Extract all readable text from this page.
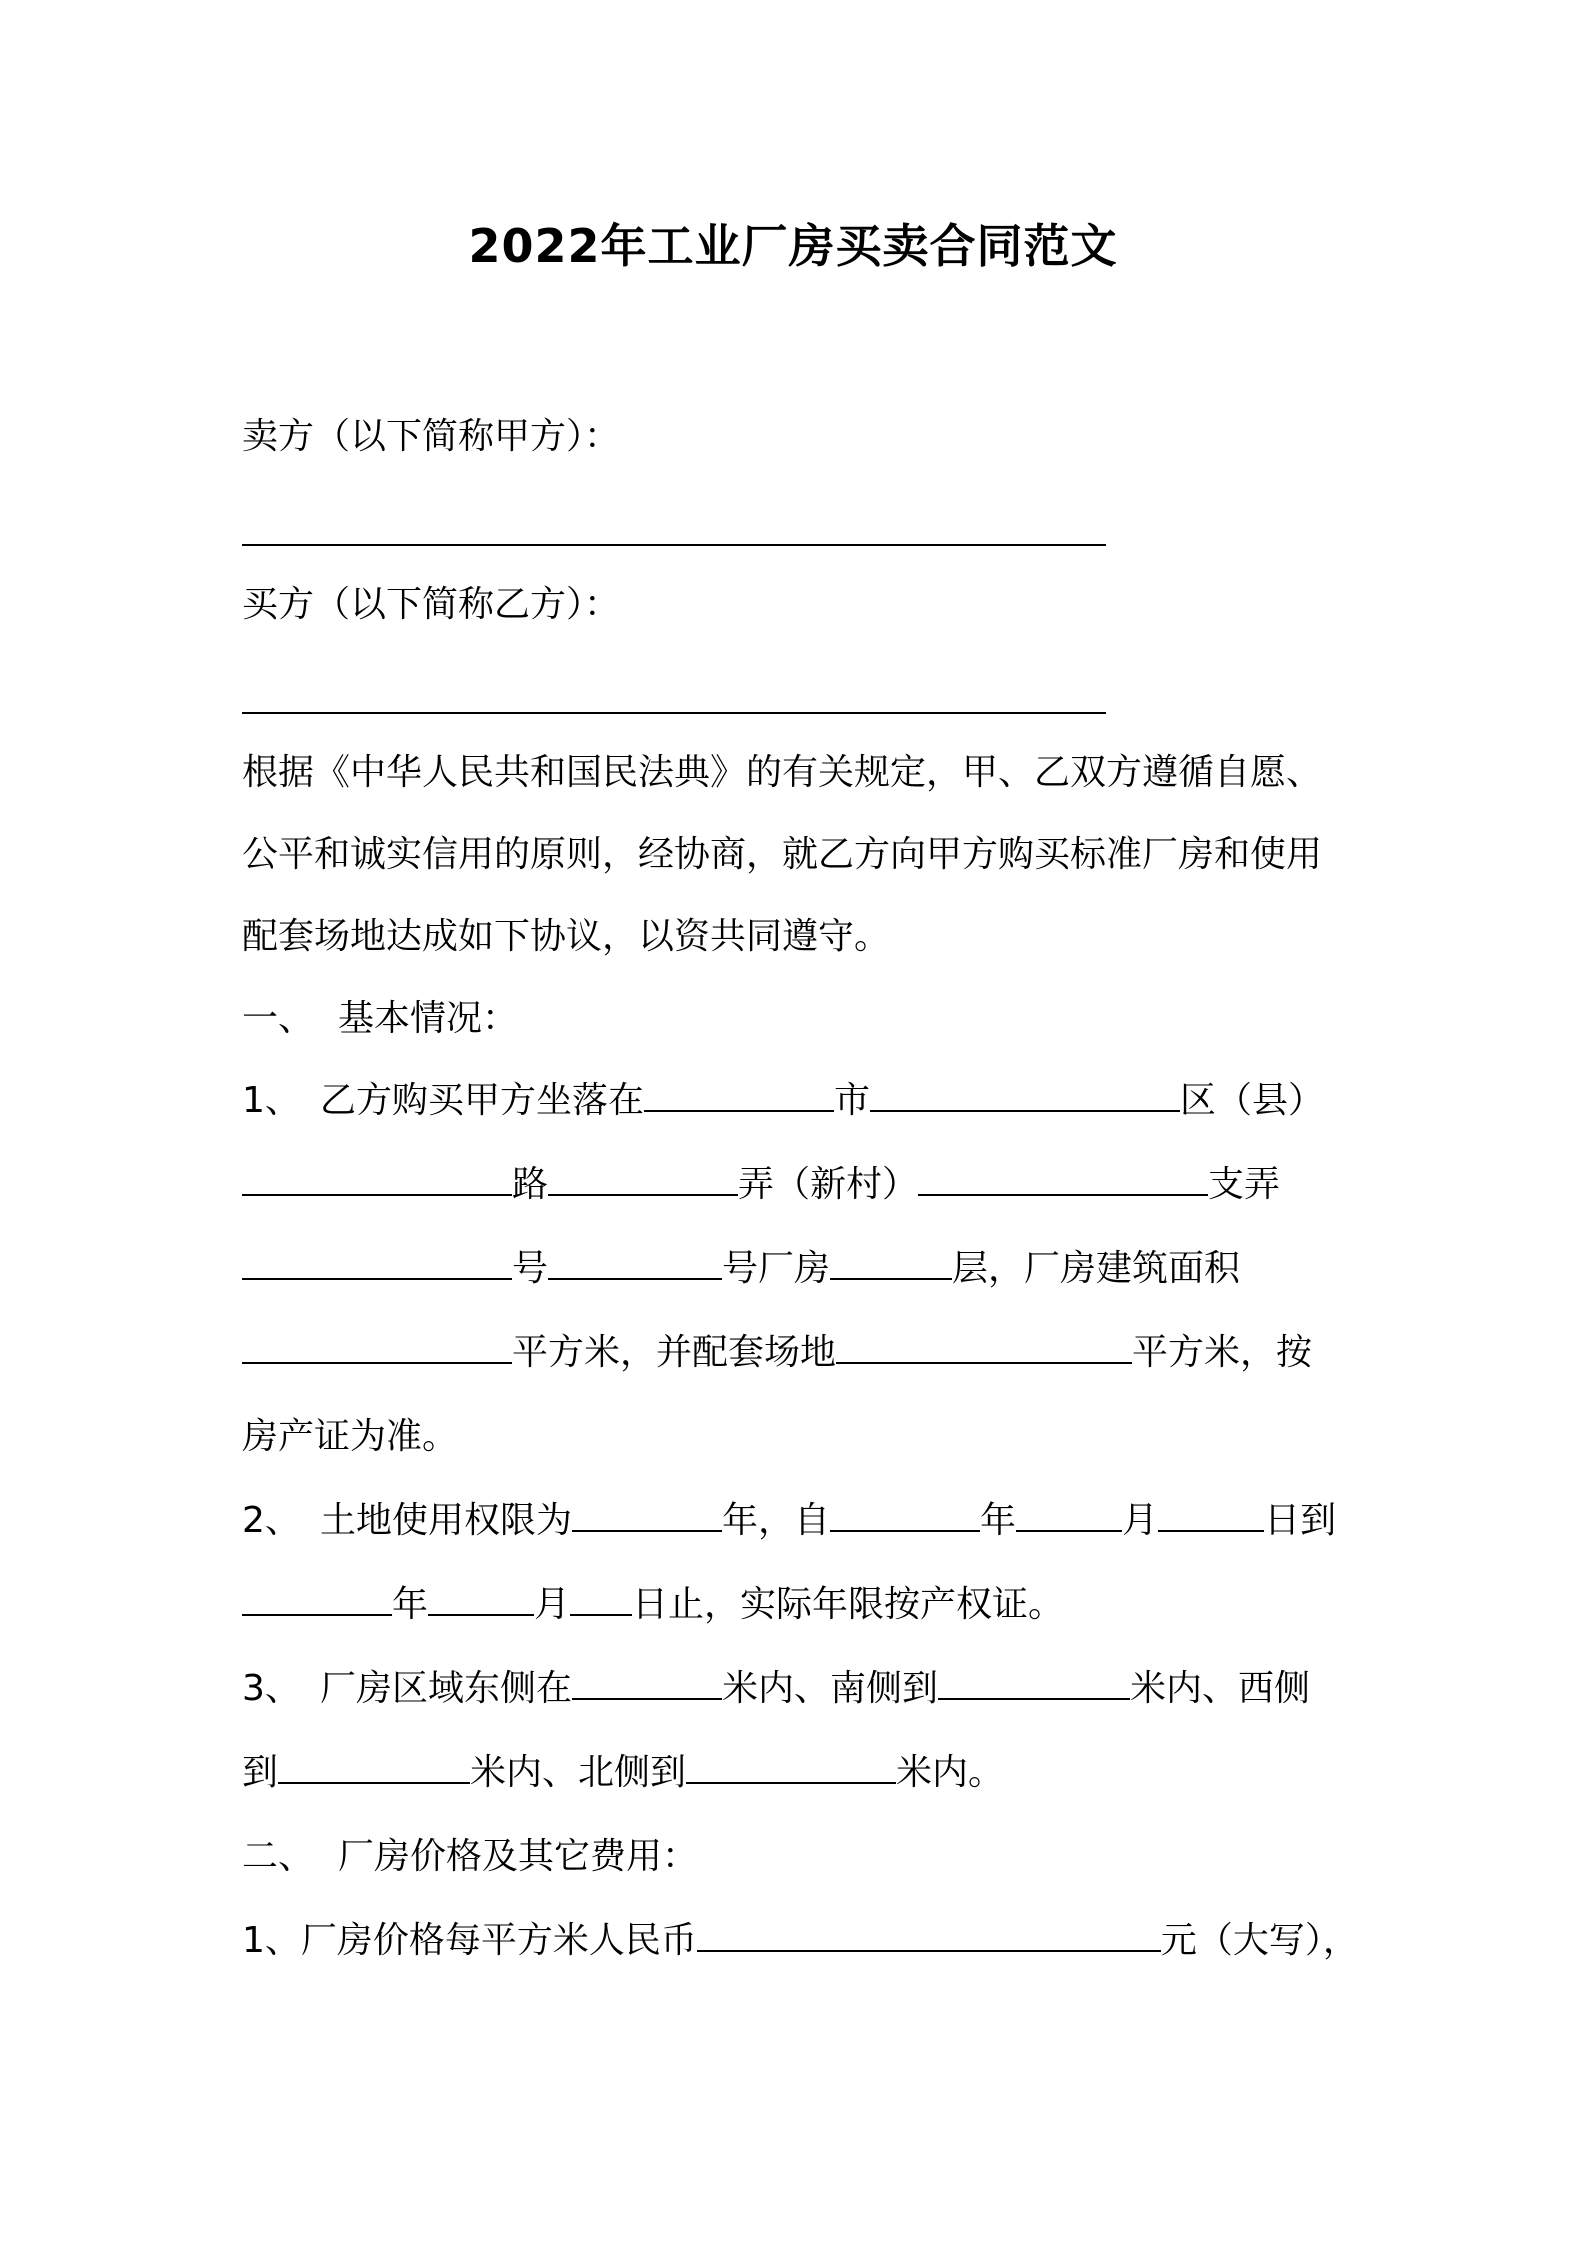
2022年工业厂房买卖合同范文
卖方（以下简称甲方）：
买方（以下简称乙方）：
根据《中华人民共和国民法典》的有关规定，甲、乙双方遵循自愿、
公平和诚实信用的原则，经协商，就乙方向甲方购买标准厂房和使用
配套场地达成如下协议，以资共同遵守。
一、 基本情况：
1、 乙方购买甲方坐落在	市	区（县）
路	弄（新村）	支弄
号	号厂房	层，厂房建筑面积
平方米，并配套场地	平方米，按
房产证为准。
2、 土地使用权限为	年，自	年	月	日到
年	月 日止，实际年限按产权证。
3、 厂房区域东侧在	米内、南侧到	米内、西侧
到	米内、北侧到	米内。
二、 厂房价格及其它费用：
1、厂房价格每平方米人民币	元（大写），
